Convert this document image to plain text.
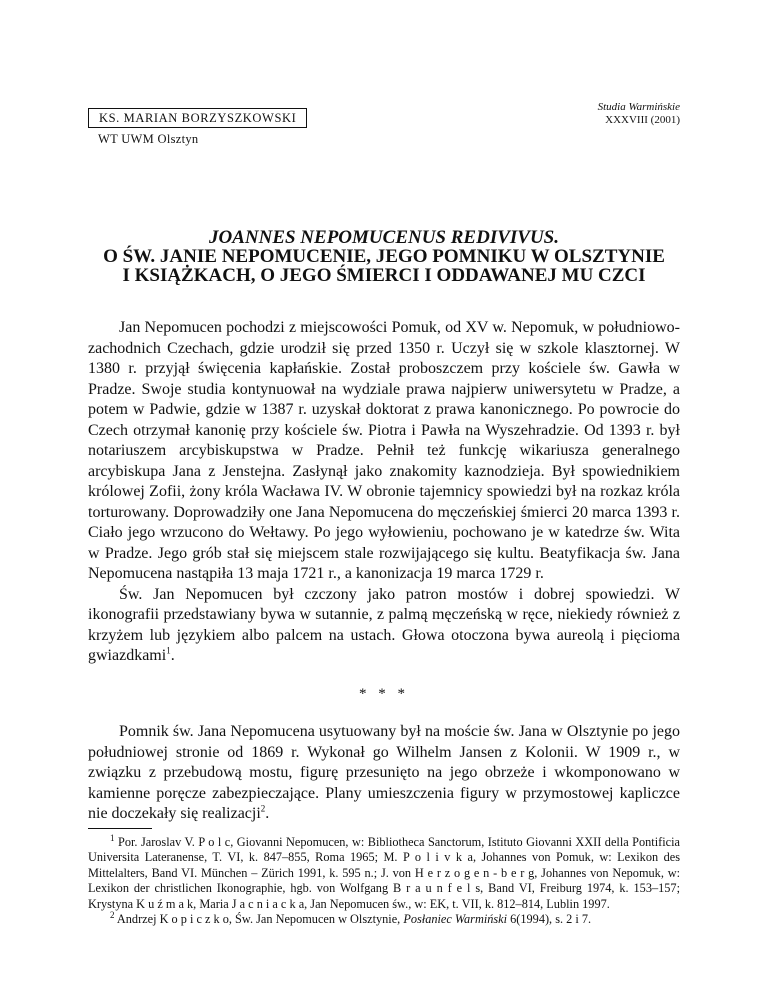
KS. MARIAN BORZYSZKOWSKI
WT UWM Olsztyn
Studia Warmińskie
XXXVIII (2001)
JOANNES NEPOMUCENUS REDIVIVUS.
O ŚW. JANIE NEPOMUCENIE, JEGO POMNIKU W OLSZTYNIE
I KSIĄŻKACH, O JEGO ŚMIERCI I ODDAWANEJ MU CZCI

Jan Nepomucen pochodzi z miejscowości Pomuk, od XV w. Nepomuk, w południowo-zachodnich Czechach, gdzie urodził się przed 1350 r. Uczył się w szkole klasztornej. W 1380 r. przyjął święcenia kapłańskie. Został proboszczem przy kościele św. Gawła w Pradze. Swoje studia kontynuował na wydziale prawa najpierw uniwersytetu w Pradze, a potem w Padwie, gdzie w 1387 r. uzyskał doktorat z prawa kanonicznego. Po powrocie do Czech otrzymał kanonię przy kościele św. Piotra i Pawła na Wyszehradzie. Od 1393 r. był notariuszem arcybiskupstwa w Pradze. Pełnił też funkcję wikariusza generalnego arcybiskupa Jana z Jenstejna. Zasłynął jako znakomity kaznodzieja. Był spowiednikiem królowej Zofii, żony króla Wacława IV. W obronie tajemnicy spowiedzi był na rozkaz króla torturowany. Doprowadziły one Jana Nepomucena do męczeńskiej śmierci 20 marca 1393 r. Ciało jego wrzucono do Wełtawy. Po jego wyłowieniu, pochowano je w katedrze św. Wita w Pradze. Jego grób stał się miejscem stale rozwijającego się kultu. Beatyfikacja św. Jana Nepomucena nastąpiła 13 maja 1721 r., a kanonizacja 19 marca 1729 r.

Św. Jan Nepomucen był czczony jako patron mostów i dobrej spowiedzi. W ikonografii przedstawiany bywa w sutannie, z palmą męczeńską w ręce, niekiedy również z krzyżem lub językiem albo palcem na ustach. Głowa otoczona bywa aureolą i pięcioma gwiazdkami$^1$.

* * *

Pomnik św. Jana Nepomucena usytuowany był na moście św. Jana w Olsztynie po jego południowej stronie od 1869 r. Wykonał go Wilhelm Jansen z Kolonii. W 1909 r., w związku z przebudową mostu, figurę przesunięto na jego obrzeże i wkomponowano w kamienne poręcze zabezpieczające. Plany umieszczenia figury w przymostowej kapliczce nie doczekały się realizacji$^2$.

$^1$ Por. Jaroslav V. P o l c, Giovanni Nepomucen, w: Bibliotheca Sanctorum, Istituto Giovanni XXII della Pontificia Universita Lateranense, T. VI, k. 847–855, Roma 1965; M. P o l i v k a, Johannes von Pomuk, w: Lexikon des Mittelalters, Band VI. München – Zürich 1991, k. 595 n.; J. von H e r z o g e n - b e r g, Johannes von Nepomuk, w: Lexikon der christlichen Ikonographie, hgb. von Wolfgang B r a u n f e l s, Band VI, Freiburg 1974, k. 153–157; Krystyna K u ź m a k, Maria J a c n i a c k a, Jan Nepomucen św., w: EK, t. VII, k. 812–814, Lublin 1997.

$^2$ Andrzej K o p i c z k o, Św. Jan Nepomucen w Olsztynie, Posłaniec Warmiński 6(1994), s. 2 i 7.
